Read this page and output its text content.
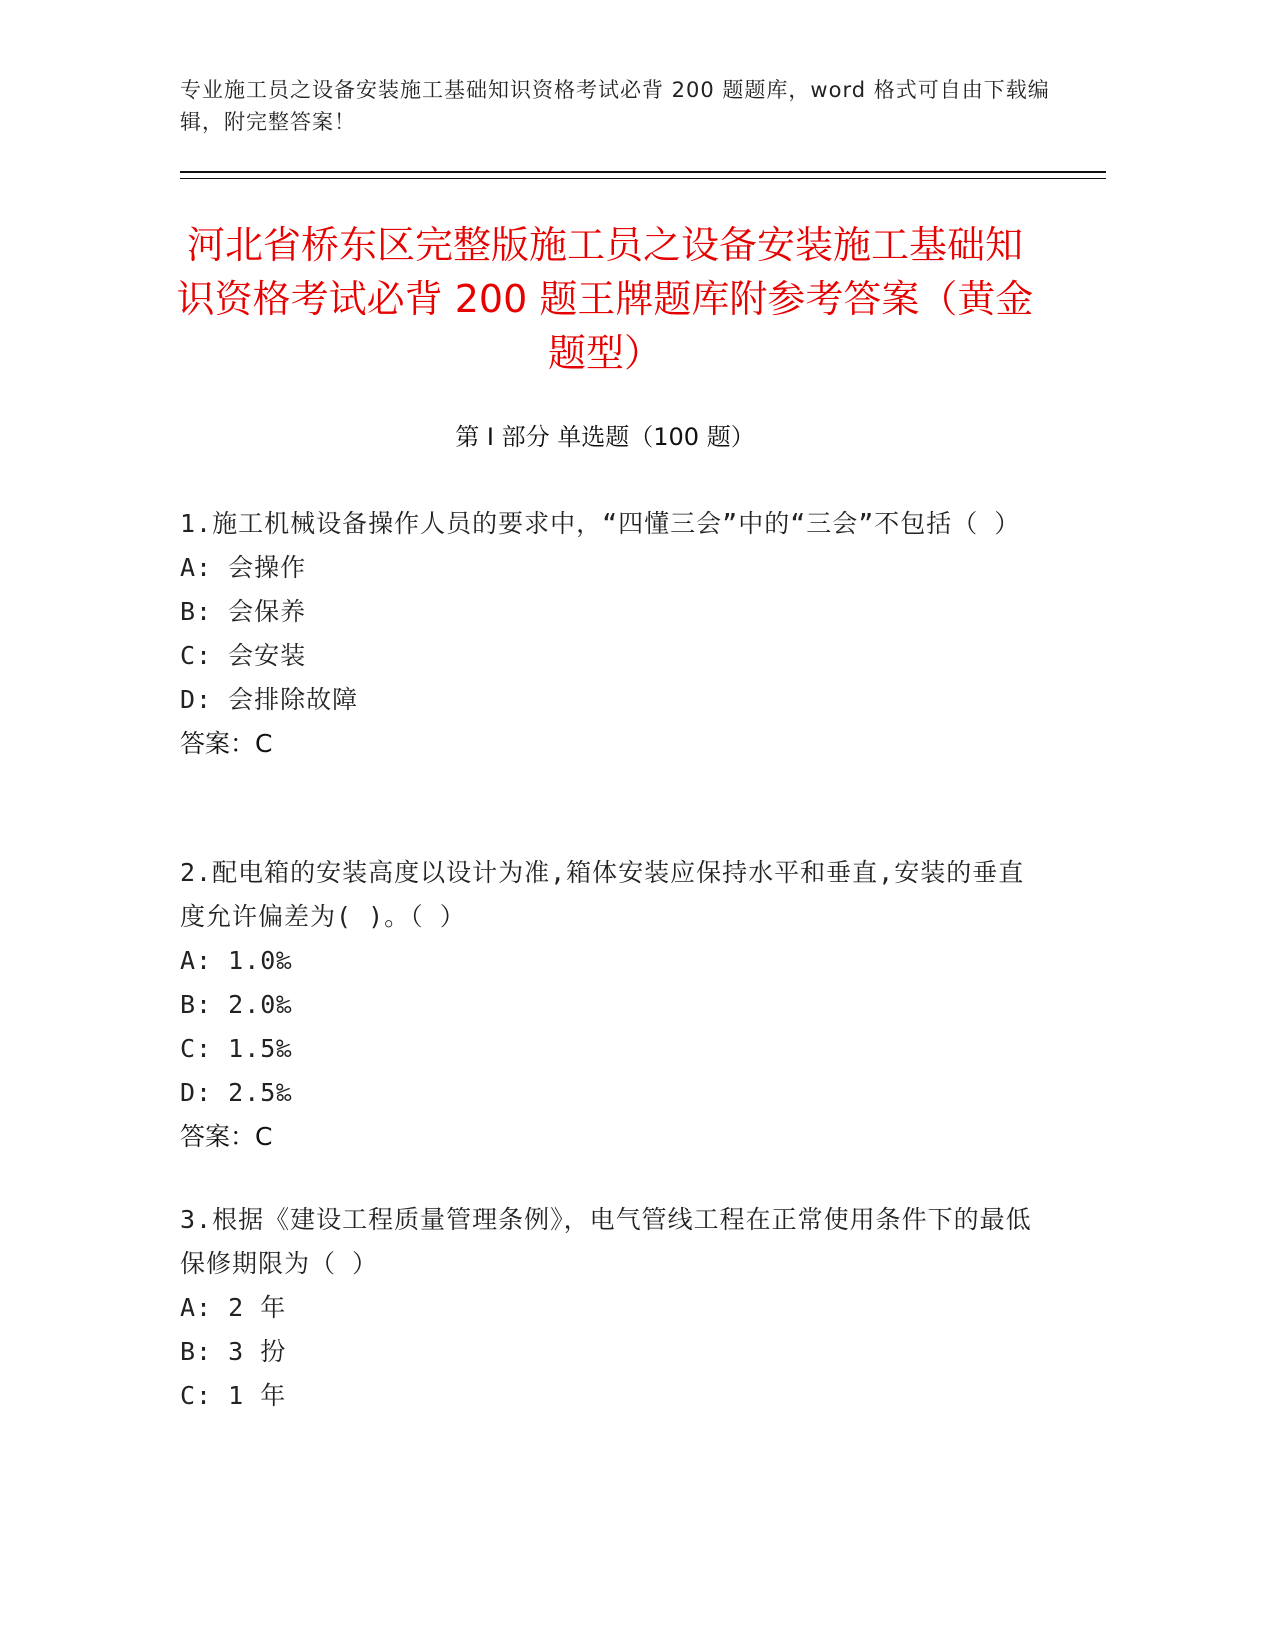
专业施工员之设备安装施工基础知识资格考试必背 200 题题库，word 格式可自由下载编辑，附完整答案！
河北省桥东区完整版施工员之设备安装施工基础知识资格考试必背 200 题王牌题库附参考答案（黄金题型）
第 I 部分 单选题（100 题）
1.施工机械设备操作人员的要求中，“四懂三会”中的“三会”不包括（ ）
A: 会操作
B: 会保养
C: 会安装
D: 会排除故障
答案：C
2.配电箱的安装高度以设计为准,箱体安装应保持水平和垂直,安装的垂直度允许偏差为( )。（ ）
A: 1.0‰
B: 2.0‰
C: 1.5‰
D: 2.5‰
答案：C
3.根据《建设工程质量管理条例》，电气管线工程在正常使用条件下的最低保修期限为（ ）
A: 2 年
B: 3 扮
C: 1 年
